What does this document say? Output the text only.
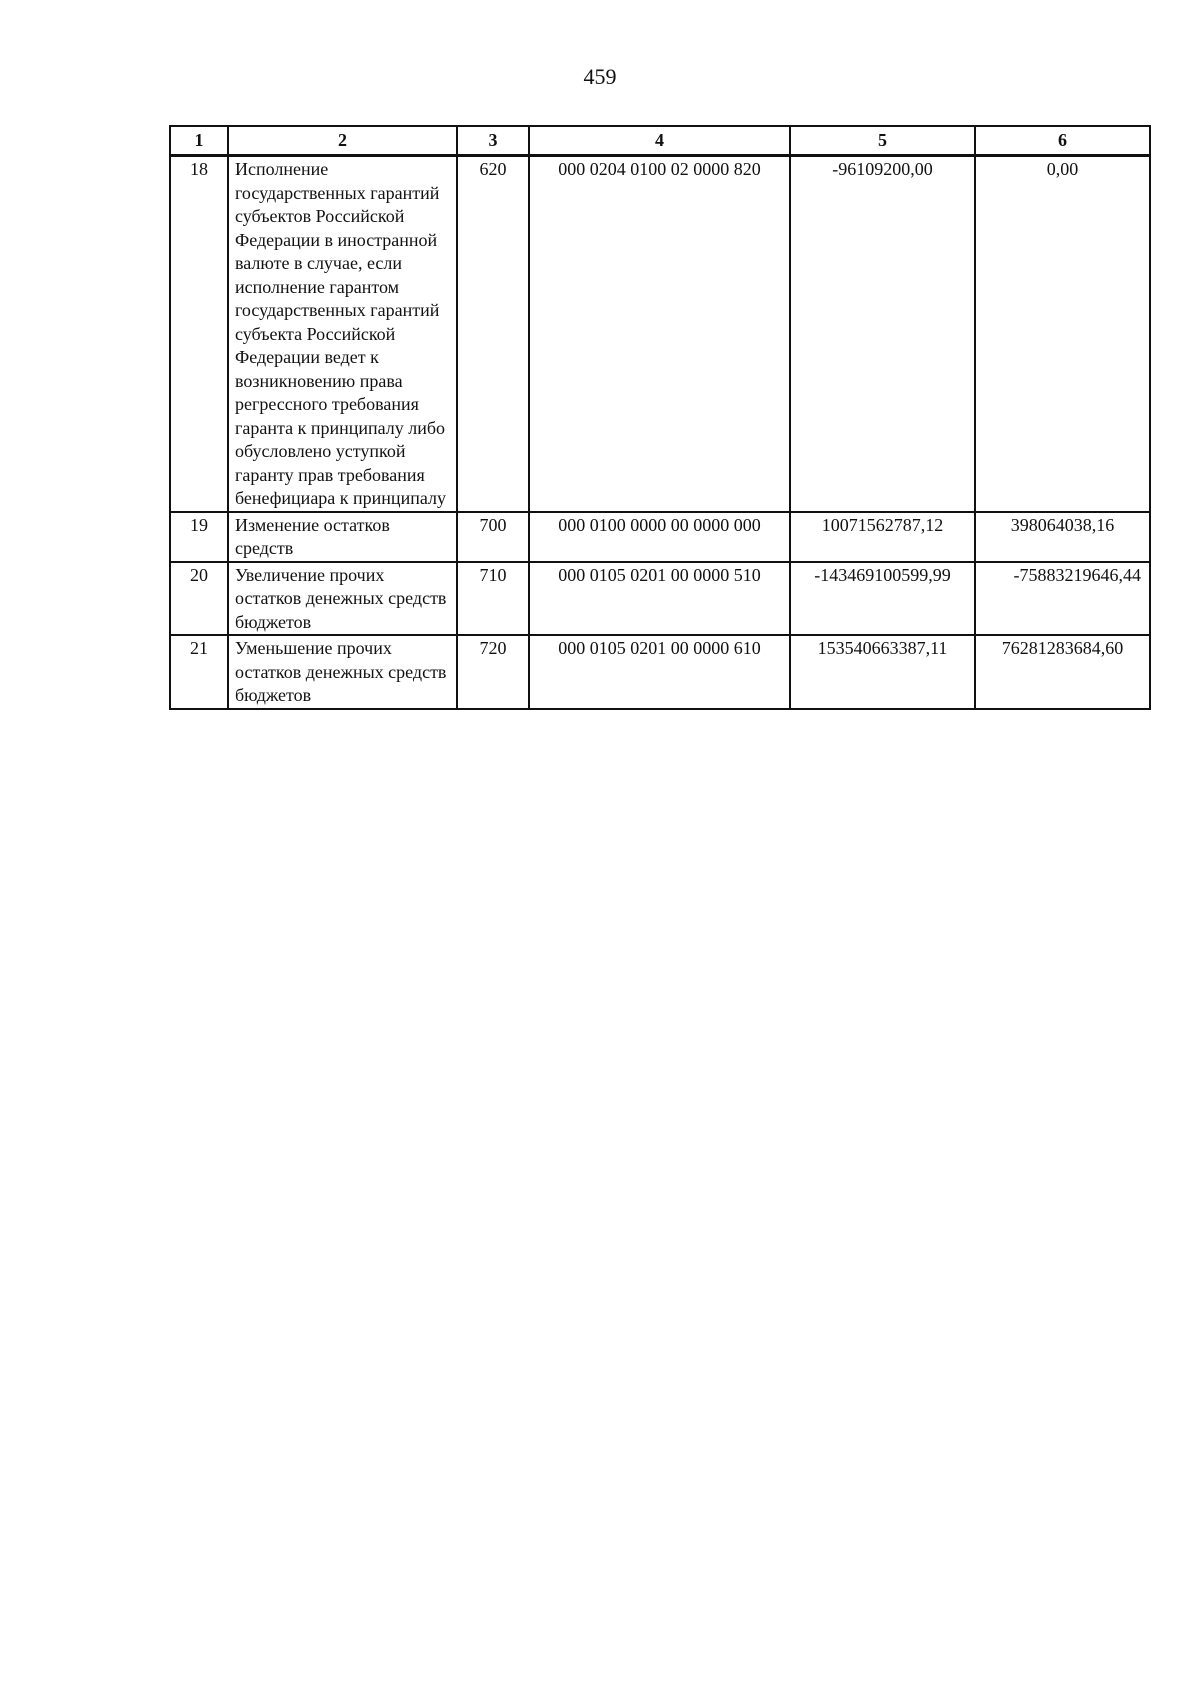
459
1	2	3	4	5	6
18	Исполнение государственных гарантий субъектов Российской Федерации в иностранной валюте в случае, если исполнение гарантом государственных гарантий субъекта Российской Федерации ведет к возникновению права регрессного требования гаранта к принципалу либо обусловлено уступкой гаранту прав требования бенефициара к принципалу	620	000 0204 0100 02 0000 820	-96109200,00	0,00
19	Изменение остатков средств	700	000 0100 0000 00 0000 000	10071562787,12	398064038,16
20	Увеличение прочих остатков денежных средств бюджетов	710	000 0105 0201 00 0000 510	-143469100599,99	-75883219646,44
21	Уменьшение прочих остатков денежных средств бюджетов	720	000 0105 0201 00 0000 610	153540663387,11	76281283684,60
